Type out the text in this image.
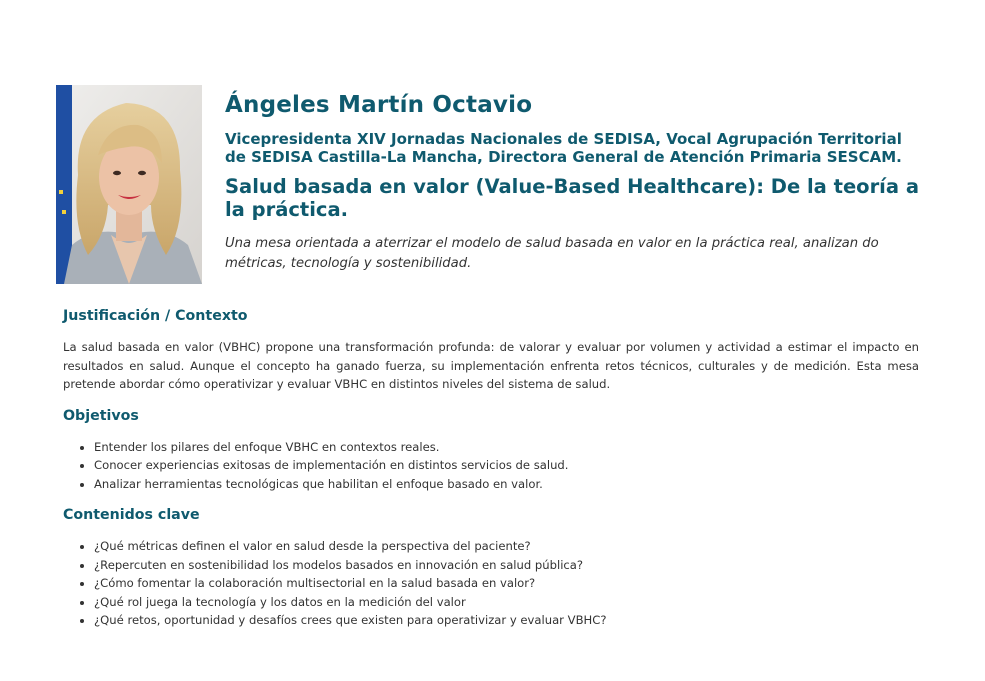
Ángeles Martín Octavio

Vicepresidenta XIV Jornadas Nacionales de SEDISA, Vocal Agrupación Territorial de SEDISA Castilla-La Mancha, Directora General de Atención Primaria SESCAM.

Salud basada en valor (Value-Based Healthcare): De la teoría a la práctica.

Una mesa orientada a aterrizar el modelo de salud basada en valor en la práctica real, analizan do métricas, tecnología y sostenibilidad.

Justificación / Contexto

La salud basada en valor (VBHC) propone una transformación profunda: de valorar y evaluar por volumen y actividad a estimar el impacto en resultados en salud. Aunque el concepto ha ganado fuerza, su implementación enfrenta retos técnicos, culturales y de medición. Esta mesa pretende abordar cómo operativizar y evaluar VBHC en distintos niveles del sistema de salud.

Objetivos
• Entender los pilares del enfoque VBHC en contextos reales.
• Conocer experiencias exitosas de implementación en distintos servicios de salud.
• Analizar herramientas tecnológicas que habilitan el enfoque basado en valor.
Contenidos clave
• ¿Qué métricas definen el valor en salud desde la perspectiva del paciente?
• ¿Repercuten en sostenibilidad los modelos basados en innovación en salud pública?
• ¿Cómo fomentar la colaboración multisectorial en la salud basada en valor?
• ¿Qué rol juega la tecnología y los datos en la medición del valor
• ¿Qué retos, oportunidad y desafíos crees que existen para operativizar y evaluar VBHC?
